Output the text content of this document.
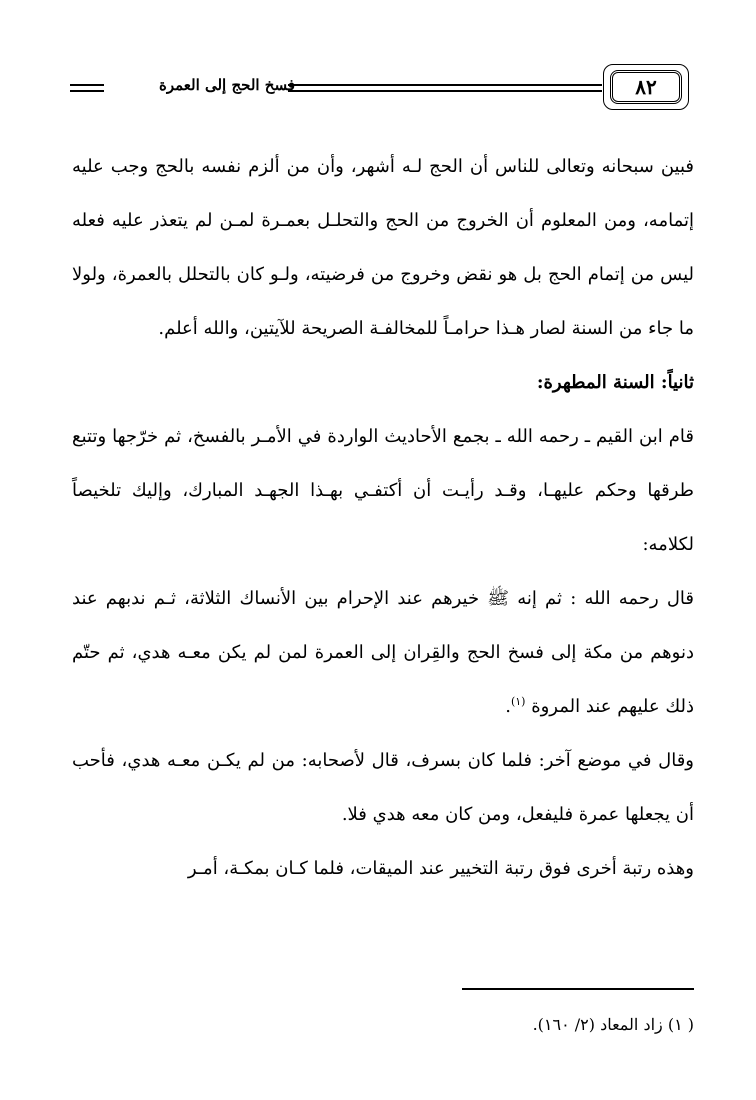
فسخ الحج إلى العمرة	٨٢

فبين سبحانه وتعالى للناس أن الحج لـه أشهر، وأن من ألزم نفسه بالحج وجب عليه إتمامه، ومن المعلوم أن الخروج من الحج والتحلـل بعمـرة لمـن لم يتعذر عليه فعله ليس من إتمام الحج بل هو نقض وخروج من فرضيته، ولـو كان بالتحلل بالعمرة، ولولا ما جاء من السنة لصار هـذا حرامـاً للمخالفـة الصريحة للآيتين، والله أعلم.

ثانياً: السنة المطهرة:

قام ابن القيم ـ رحمه الله ـ بجمع الأحاديث الواردة في الأمـر بالفسخ، ثم خرّجها وتتبع طرقها وحكم عليهـا، وقـد رأيـت أن أكتفـي بهـذا الجهـد المبارك، وإليك تلخيصاً لكلامه:

قال رحمه الله : ثم إنه ﷺ خيرهم عند الإحرام بين الأنساك الثلاثة، ثـم ندبهم عند دنوهم من مكة إلى فسخ الحج والقِران إلى العمرة لمن لم يكن معـه هدي، ثم حتّم ذلك عليهم عند المروة $^{(١)}$.

وقال في موضع آخر: فلما كان بسرف، قال لأصحابه: من لم يكـن معـه هدي، فأحب أن يجعلها عمرة فليفعل، ومن كان معه هدي فلا.

وهذه رتبة أخرى فوق رتبة التخيير عند الميقات، فلما كـان بمكـة، أمـر

( ١) زاد المعاد (٢/ ١٦٠).
